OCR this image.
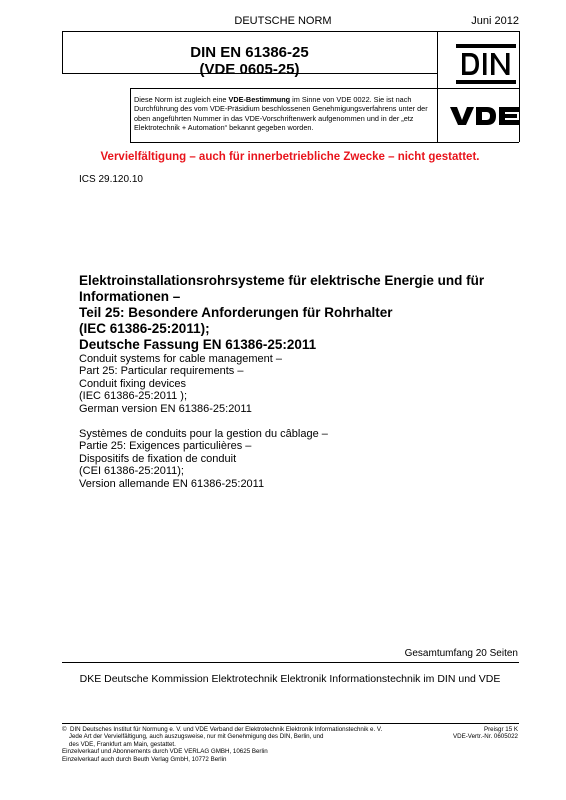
DEUTSCHE NORM	Juni 2012
DIN EN 61386-25
(VDE 0605-25)
Diese Norm ist zugleich eine VDE-Bestimmung im Sinne von VDE 0022. Sie ist nach Durchführung des vom VDE-Präsidium beschlossenen Genehmigungsverfahrens unter der oben angeführten Nummer in das VDE-Vorschriftenwerk aufgenommen und in der „etz Elektrotechnik + Automation“ bekannt gegeben worden.
Vervielfältigung – auch für innerbetriebliche Zwecke – nicht gestattet.
ICS 29.120.10
Elektroinstallationsrohrsysteme für elektrische Energie und für
Informationen –
Teil 25: Besondere Anforderungen für Rohrhalter
(IEC 61386-25:2011);
Deutsche Fassung EN 61386-25:2011
Conduit systems for cable management –
Part 25: Particular requirements –
Conduit fixing devices
(IEC 61386-25:2011 );
German version EN 61386-25:2011
Systèmes de conduits pour la gestion du câblage –
Partie 25: Exigences particulières –
Dispositifs de fixation de conduit
(CEI 61386-25:2011);
Version allemande EN 61386-25:2011
Gesamtumfang 20 Seiten
DKE Deutsche Kommission Elektrotechnik Elektronik Informationstechnik im DIN und VDE
©  DIN Deutsches Institut für Normung e. V. und VDE Verband der Elektrotechnik Elektronik Informationstechnik e. V.
Jede Art der Vervielfältigung, auch auszugsweise, nur mit Genehmigung des DIN, Berlin, und
des VDE, Frankfurt am Main, gestattet.
Einzelverkauf und Abonnements durch VDE VERLAG GMBH, 10625 Berlin
Einzelverkauf auch durch Beuth Verlag GmbH, 10772 Berlin
Preisgr 15 K
VDE-Vertr.-Nr. 0605022
